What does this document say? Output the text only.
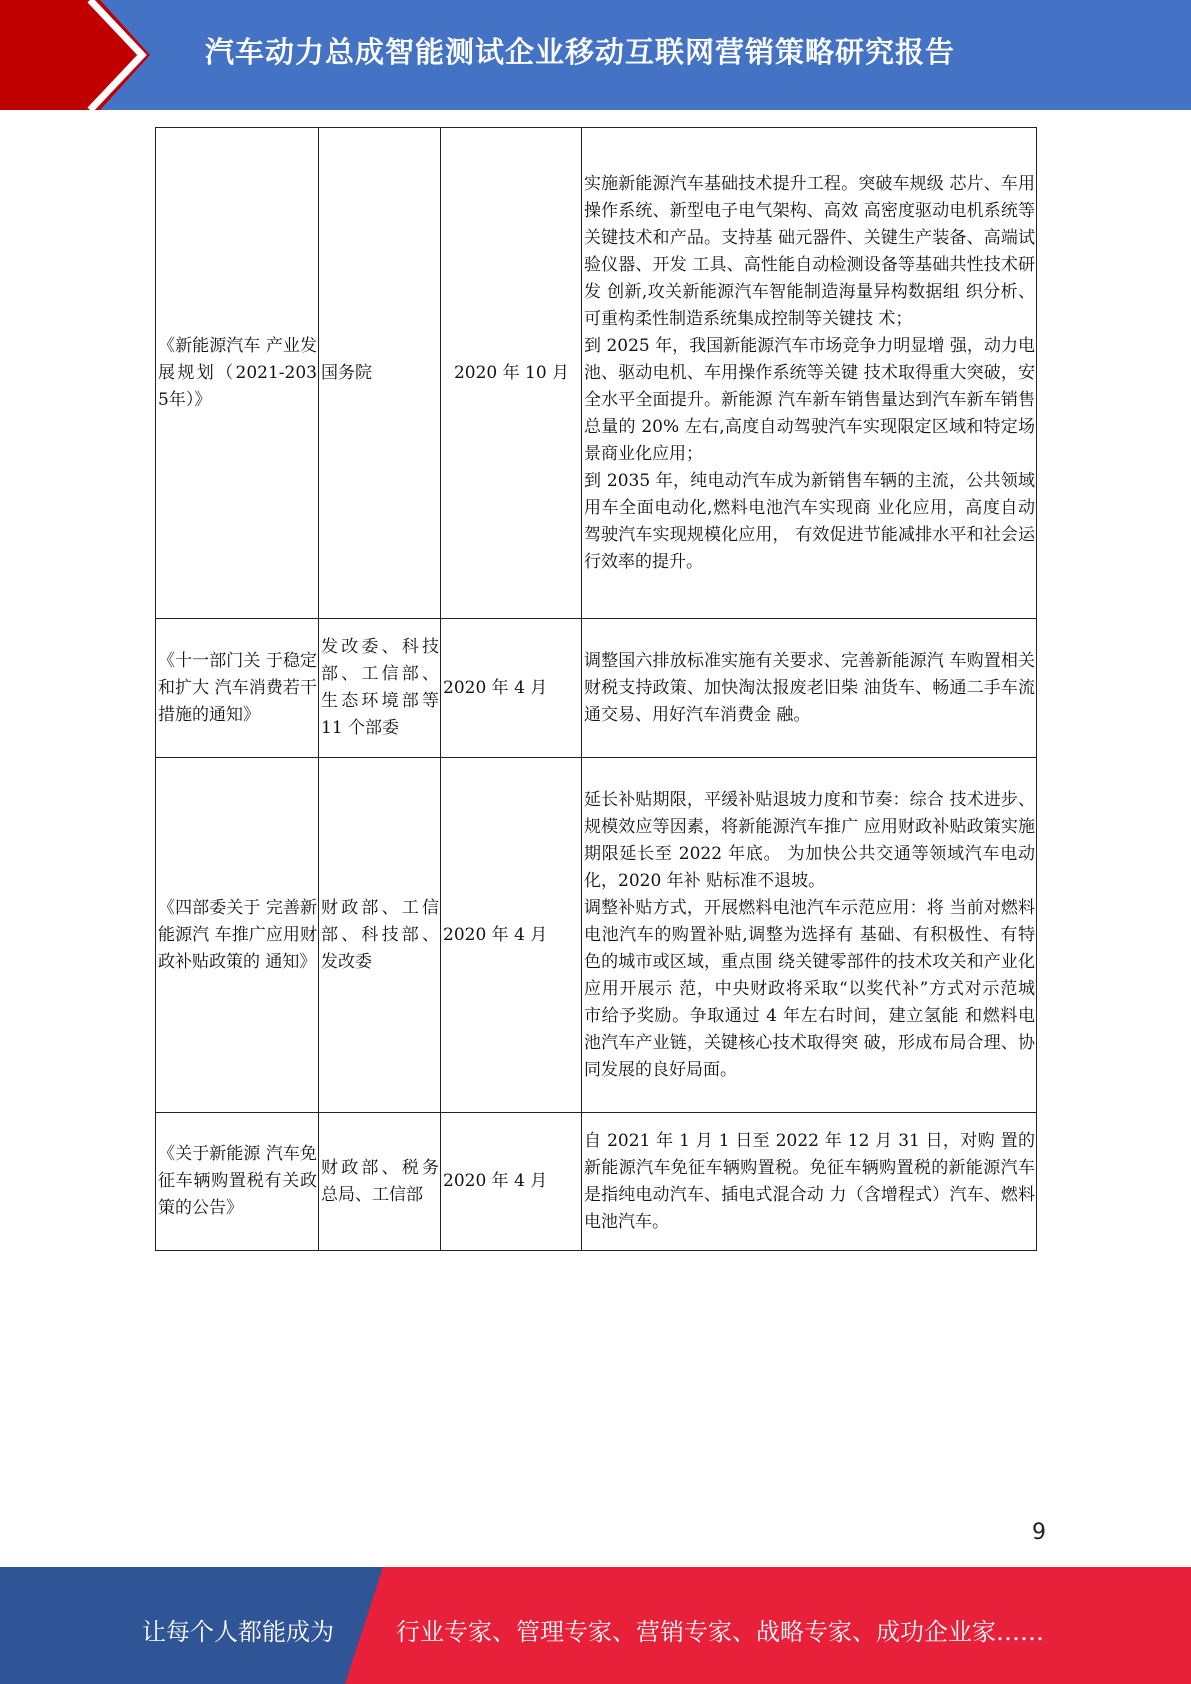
汽车动力总成智能测试企业移动互联网营销策略研究报告
《新能源汽车 产业发展规划（2021-2035年）》	国务院	2020 年 10 月	实施新能源汽车基础技术提升工程。突破车规级 芯片、车用操作系统、新型电子电气架构、高效 高密度驱动电机系统等关键技术和产品。支持基 础元器件、关键生产装备、高端试验仪器、开发 工具、高性能自动检测设备等基础共性技术研发 创新,攻关新能源汽车智能制造海量异构数据组 织分析、可重构柔性制造系统集成控制等关键技 术；
到 2025 年，我国新能源汽车市场竞争力明显增 强，动力电池、驱动电机、车用操作系统等关键 技术取得重大突破，安全水平全面提升。新能源 汽车新车销售量达到汽车新车销售总量的 20% 左右,高度自动驾驶汽车实现限定区域和特定场 景商业化应用；
到 2035 年，纯电动汽车成为新销售车辆的主流，公共领域用车全面电动化,燃料电池汽车实现商 业化应用，高度自动驾驶汽车实现规模化应用， 有效促进节能减排水平和社会运行效率的提升。
《十一部门关 于稳定和扩大 汽车消费若干 措施的通知》	发改委、科技部、工信部、生态环境部等 11 个部委	2020 年 4 月	调整国六排放标准实施有关要求、完善新能源汽 车购置相关财税支持政策、加快淘汰报废老旧柴 油货车、畅通二手车流通交易、用好汽车消费金 融。
《四部委关于 完善新能源汽 车推广应用财 政补贴政策的 通知》	财政部、工信部、科技部、发改委	2020 年 4 月	延长补贴期限，平缓补贴退坡力度和节奏：综合 技术进步、规模效应等因素，将新能源汽车推广 应用财政补贴政策实施期限延长至 2022 年底。 为加快公共交通等领域汽车电动化，2020 年补 贴标准不退坡。
调整补贴方式，开展燃料电池汽车示范应用：将 当前对燃料电池汽车的购置补贴,调整为选择有 基础、有积极性、有特色的城市或区域，重点围 绕关键零部件的技术攻关和产业化应用开展示 范，中央财政将采取“以奖代补”方式对示范城 市给予奖励。争取通过 4 年左右时间，建立氢能 和燃料电池汽车产业链，关键核心技术取得突 破，形成布局合理、协同发展的良好局面。
《关于新能源 汽车免征车辆购置税有关政 策的公告》	财政部、税务总局、工信部	2020 年 4 月	自 2021 年 1 月 1 日至 2022 年 12 月 31 日，对购 置的新能源汽车免征车辆购置税。免征车辆购置税的新能源汽车是指纯电动汽车、插电式混合动 力（含增程式）汽车、燃料电池汽车。
9
让每个人都能成为	行业专家、管理专家、营销专家、战略专家、成功企业家……
